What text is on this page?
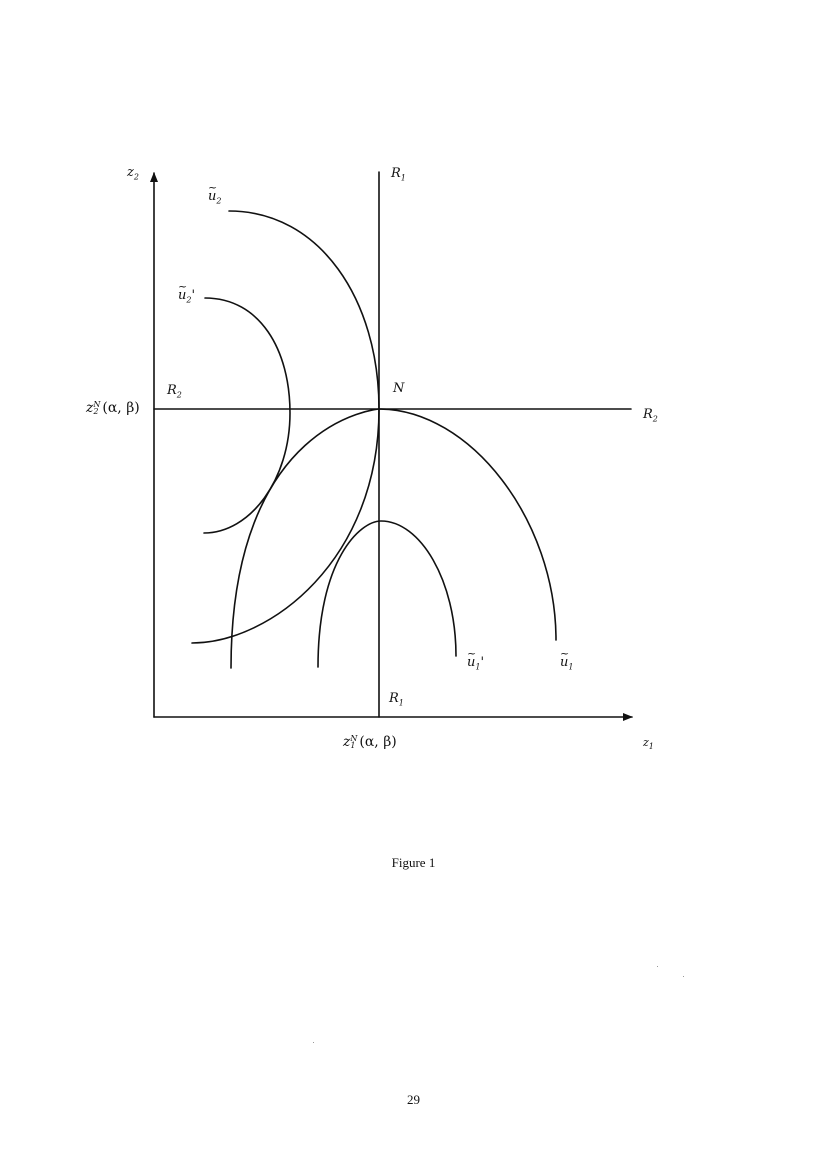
$z_2$
$z_1$
z N
2 (α, β)
z N
1 (α, β)
$R_1$
$R_1$
$R_2$
$R_2$
N
~ $u_2$
~ $u_2'$
~ $u_1'$
~	$u_1$
Figure 1
29
